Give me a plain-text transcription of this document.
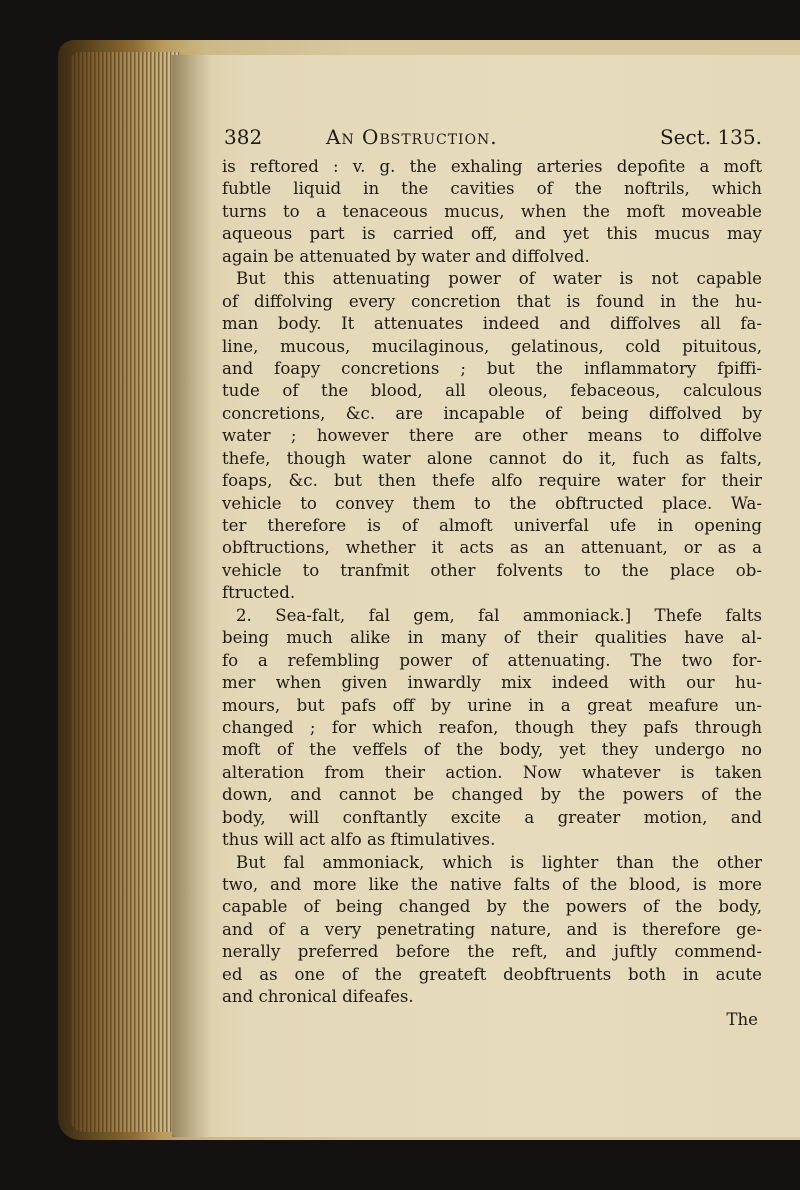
382	An Obstruction.	Sect. 135.
is reftored : v. g. the exhaling arteries depofite a moft
fubtle liquid in the cavities of the noftrils, which
turns to a tenaceous mucus, when the moft moveable
aqueous part is carried off, and yet this mucus may
again be attenuated by water and diffolved.
But this attenuating power of water is not capable
of diffolving every concretion that is found in the hu-
man body. It attenuates indeed and diffolves all fa-
line, mucous, mucilaginous, gelatinous, cold pituitous,
and foapy concretions ; but the inflammatory fpiffi-
tude of the blood, all oleous, febaceous, calculous
concretions, &c. are incapable of being diffolved by
water ; however there are other means to diffolve
thefe, though water alone cannot do it, fuch as falts,
foaps, &c. but then thefe alfo require water for their
vehicle to convey them to the obftructed place. Wa-
ter therefore is of almoft univerfal ufe in opening
obftructions, whether it acts as an attenuant, or as a
vehicle to tranfmit other folvents to the place ob-
ftructed.
2. Sea-falt, fal gem, fal ammoniack.] Thefe falts
being much alike in many of their qualities have al-
fo a refembling power of attenuating. The two for-
mer when given inwardly mix indeed with our hu-
mours, but pafs off by urine in a great meafure un-
changed ; for which reafon, though they pafs through
moft of the veffels of the body, yet they undergo no
alteration from their action. Now whatever is taken
down, and cannot be changed by the powers of the
body, will conftantly excite a greater motion, and
thus will act alfo as ftimulatives.
But fal ammoniack, which is lighter than the other
two, and more like the native falts of the blood, is more
capable of being changed by the powers of the body,
and of a very penetrating nature, and is therefore ge-
nerally preferred before the reft, and juftly commend-
ed as one of the greateft deobftruents both in acute
and chronical difeafes.
The
